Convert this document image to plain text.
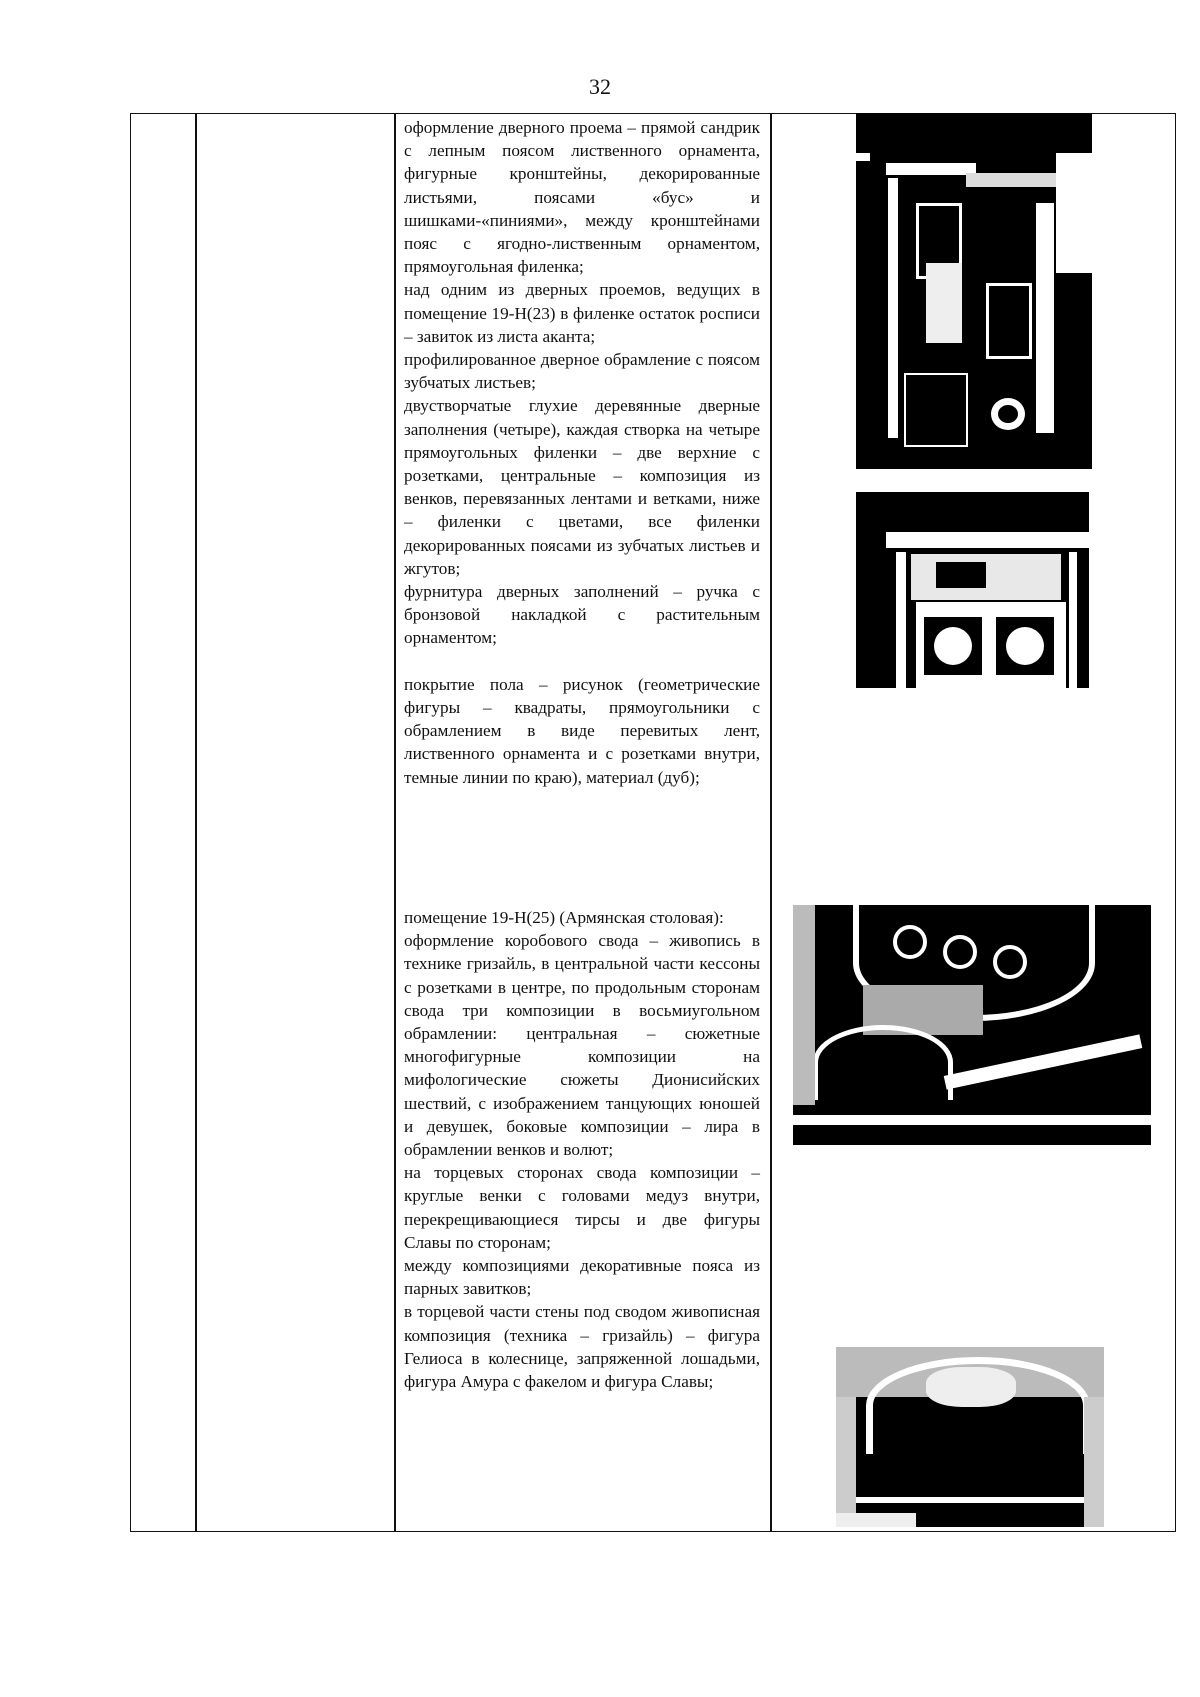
32
оформление дверного проема – прямой сандрик с лепным поясом лиственного орнамента, фигурные кронштейны, декорированные листьями, поясами «бус» и шишками-«пиниями», между кронштейнами пояс с ягодно-лиственным орнаментом, прямоугольная филенка;
над одним из дверных проемов, ведущих в помещение 19-Н(23) в филенке остаток росписи – завиток из листа аканта;
профилированное дверное обрамление с поясом зубчатых листьев;
двустворчатые глухие деревянные дверные заполнения (четыре), каждая створка на четыре прямоугольных филенки – две верхние с розетками, центральные – композиция из венков, перевязанных лентами и ветками, ниже – филенки с цветами, все филенки декорированных поясами из зубчатых листьев и жгутов;
фурнитура дверных заполнений – ручка с бронзовой накладкой с растительным орнаментом;

покрытие пола – рисунок (геометрические фигуры – квадраты, прямоугольники с обрамлением в виде перевитых лент, лиственного орнамента и с розетками внутри, темные линии по краю), материал (дуб);
помещение 19-Н(25) (Армянская столовая):
оформление коробового свода – живопись в технике гризайль, в центральной части кессоны с розетками в центре, по продольным сторонам свода три композиции в восьмиугольном обрамлении: центральная – сюжетные многофигурные композиции на мифологические сюжеты Дионисийских шествий, с изображением танцующих юношей и девушек, боковые композиции – лира в обрамлении венков и волют;
на торцевых сторонах свода композиции – круглые венки с головами медуз внутри, перекрещивающиеся тирсы и две фигуры Славы по сторонам;
между композициями декоративные пояса из парных завитков;
в торцевой части стены под сводом живописная композиция (техника – гризайль) – фигура Гелиоса в колеснице, запряженной лошадьми, фигура Амура с факелом и фигура Славы;
